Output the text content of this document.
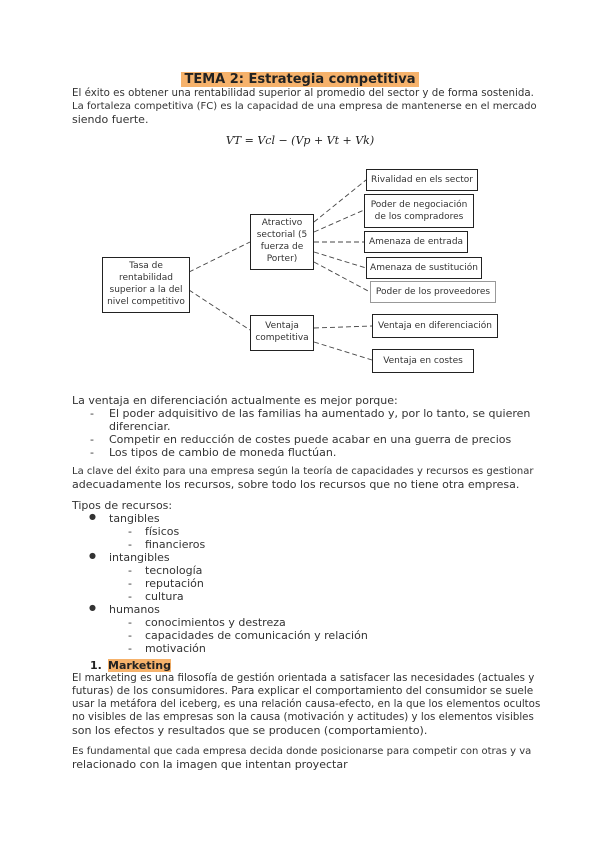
TEMA 2: Estrategia competitiva
El éxito es obtener una rentabilidad superior al promedio del sector y de forma sostenida.
La fortaleza competitiva (FC) es la capacidad de una empresa de mantenerse en el mercado
siendo fuerte.
VT = Vcl − (Vp + Vt + Vk)
Tasa de rentabilidad superior a la del nivel competitivo
Atractivo sectorial (5 fuerza de Porter)
Ventaja competitiva
Rivalidad en els sector
Poder de negociación de los compradores
Amenaza de entrada
Amenaza de sustitución
Poder de los proveedores
Ventaja en diferenciación
Ventaja en costes
La ventaja en diferenciación actualmente es mejor porque:
- El poder adquisitivo de las familias ha aumentado y, por lo tanto, se quieren
diferenciar.
- Competir en reducción de costes puede acabar en una guerra de precios
- Los tipos de cambio de moneda fluctúan.
La clave del éxito para una empresa según la teoría de capacidades y recursos es gestionar
adecuadamente los recursos, sobre todo los recursos que no tiene otra empresa.
Tipos de recursos:
● tangibles
- físicos
- financieros
● intangibles
- tecnología
- reputación
- cultura
● humanos
- conocimientos y destreza
- capacidades de comunicación y relación
- motivación
1. Marketing
El marketing es una filosofía de gestión orientada a satisfacer las necesidades (actuales y
futuras) de los consumidores. Para explicar el comportamiento del consumidor se suele
usar la metáfora del iceberg, es una relación causa-efecto, en la que los elementos ocultos
no visibles de las empresas son la causa (motivación y actitudes) y los elementos visibles
son los efectos y resultados que se producen (comportamiento).
Es fundamental que cada empresa decida donde posicionarse para competir con otras y va
relacionado con la imagen que intentan proyectar
